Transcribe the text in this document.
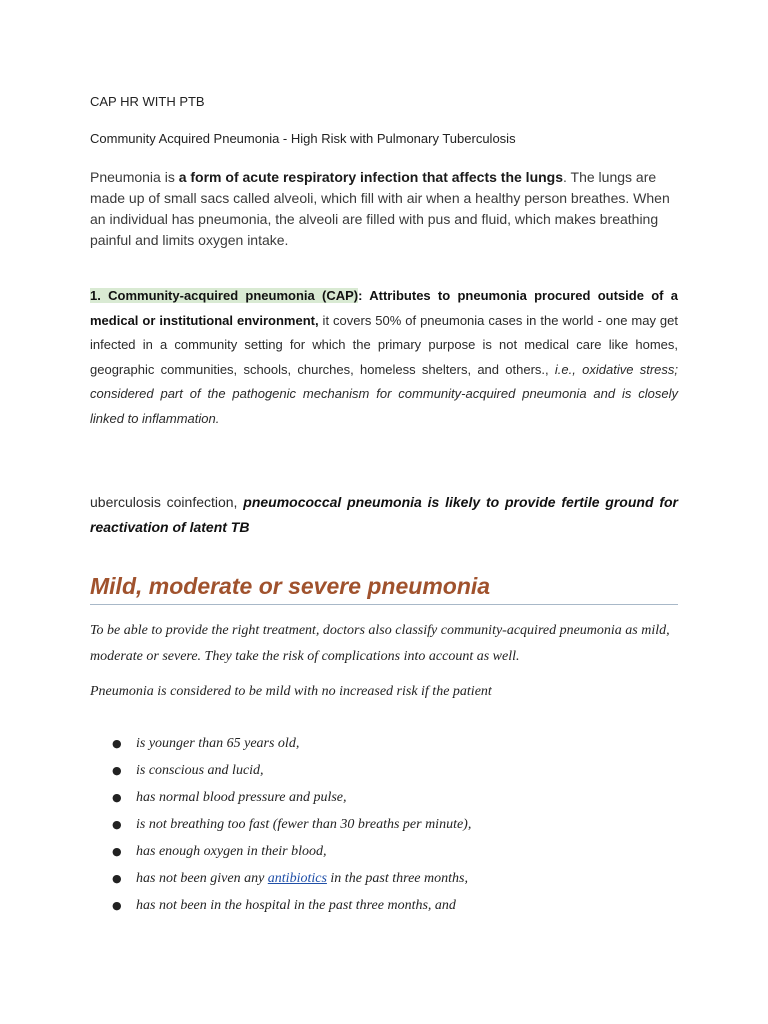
CAP HR WITH PTB
Community Acquired Pneumonia - High Risk with Pulmonary Tuberculosis

Pneumonia is a form of acute respiratory infection that affects the lungs. The lungs are made up of small sacs called alveoli, which fill with air when a healthy person breathes. When an individual has pneumonia, the alveoli are filled with pus and fluid, which makes breathing painful and limits oxygen intake.

1. Community-acquired pneumonia (CAP): Attributes to pneumonia procured outside of a medical or institutional environment, it covers 50% of pneumonia cases in the world - one may get infected in a community setting for which the primary purpose is not medical care like homes, geographic communities, schools, churches, homeless shelters, and others., i.e., oxidative stress; considered part of the pathogenic mechanism for community-acquired pneumonia and is closely linked to inflammation.

uberculosis coinfection, pneumococcal pneumonia is likely to provide fertile ground for reactivation of latent TB

Mild, moderate or severe pneumonia

To be able to provide the right treatment, doctors also classify community-acquired pneumonia as mild, moderate or severe. They take the risk of complications into account as well.

Pneumonia is considered to be mild with no increased risk if the patient

● is younger than 65 years old,
● is conscious and lucid,
● has normal blood pressure and pulse,
● is not breathing too fast (fewer than 30 breaths per minute),
● has enough oxygen in their blood,
● has not been given any antibiotics in the past three months,
● has not been in the hospital in the past three months, and
